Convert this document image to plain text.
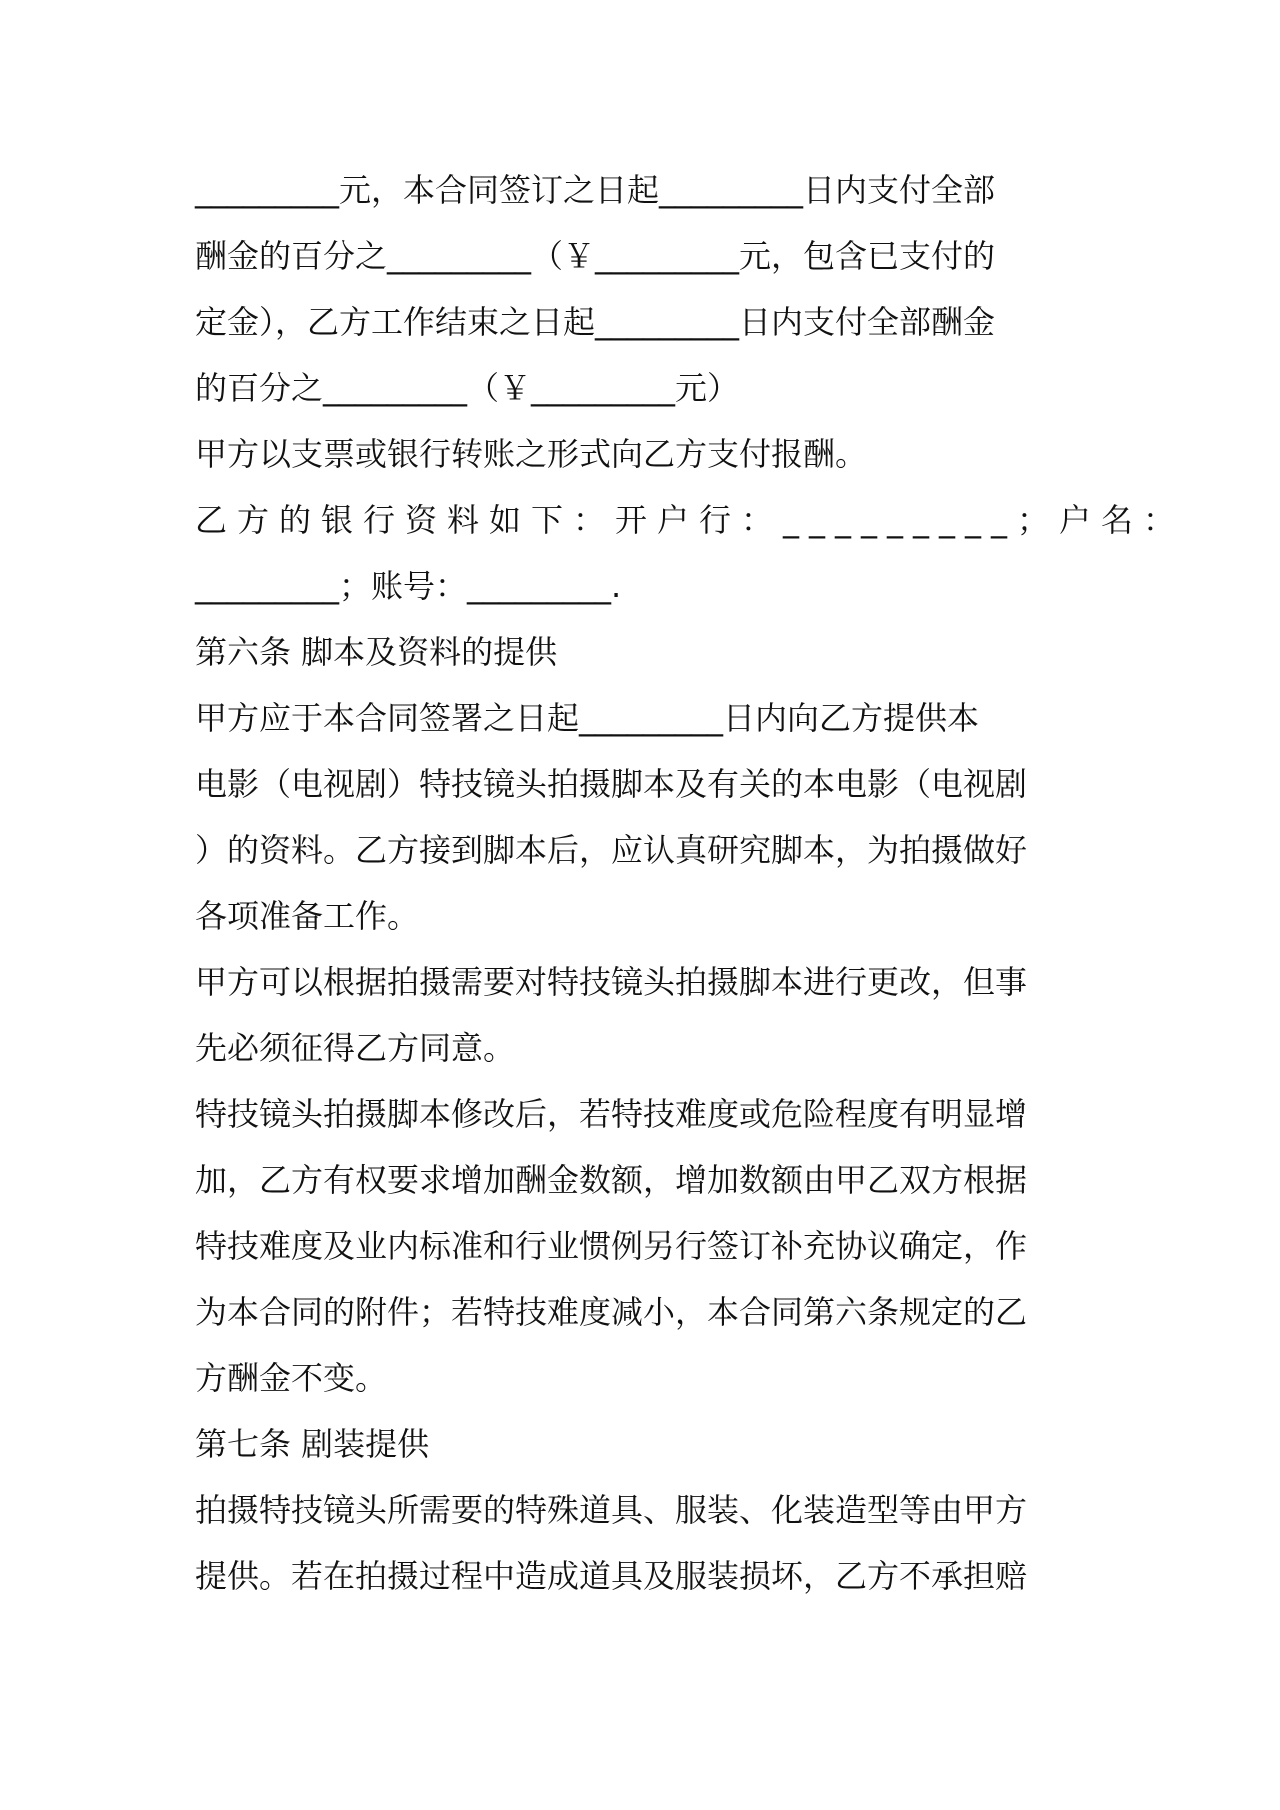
_________元，本合同签订之日起_________日内支付全部
酬金的百分之_________（￥_________元，包含已支付的
定金），乙方工作结束之日起_________日内支付全部酬金
的百分之_________（￥_________元）
甲方以支票或银行转账之形式向乙方支付报酬。
乙方的银行资料如下：开户行：_________；户名：
_________；账号：_________.
第六条 脚本及资料的提供
甲方应于本合同签署之日起_________日内向乙方提供本
电影（电视剧）特技镜头拍摄脚本及有关的本电影（电视剧
）的资料。乙方接到脚本后，应认真研究脚本，为拍摄做好
各项准备工作。
甲方可以根据拍摄需要对特技镜头拍摄脚本进行更改，但事
先必须征得乙方同意。
特技镜头拍摄脚本修改后，若特技难度或危险程度有明显增
加，乙方有权要求增加酬金数额，增加数额由甲乙双方根据
特技难度及业内标准和行业惯例另行签订补充协议确定，作
为本合同的附件；若特技难度减小，本合同第六条规定的乙
方酬金不变。
第七条 剧装提供
拍摄特技镜头所需要的特殊道具、服装、化装造型等由甲方
提供。若在拍摄过程中造成道具及服装损坏，乙方不承担赔
